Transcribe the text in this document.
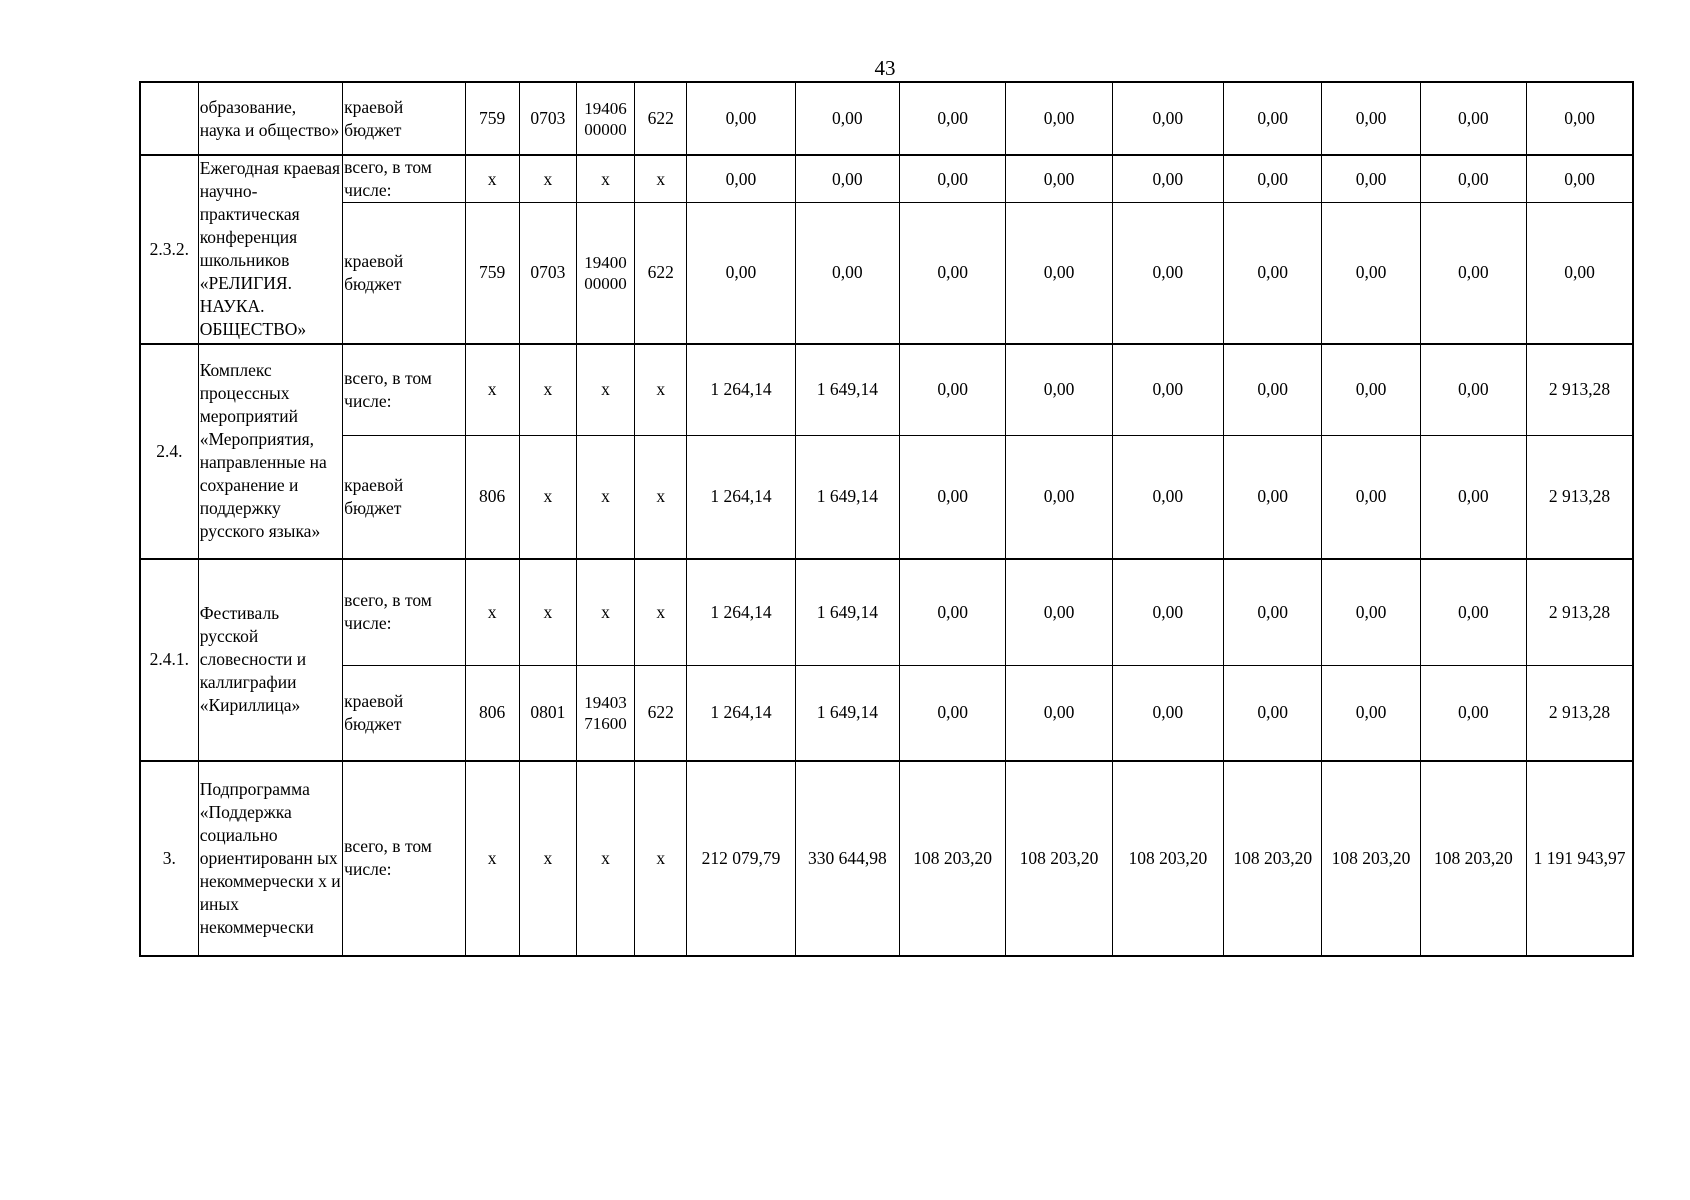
43
	образование, наука и общество»	краевой бюджет	759	0703	19406 00000	622	0,00	0,00	0,00	0,00	0,00	0,00	0,00	0,00	0,00
2.3.2.	Ежегодная краевая научно-практическая конференция школьников «РЕЛИГИЯ. НАУКА. ОБЩЕСТВО»	всего, в том числе:	x	x	x	x	0,00	0,00	0,00	0,00	0,00	0,00	0,00	0,00	0,00
		краевой бюджет	759	0703	19400 00000	622	0,00	0,00	0,00	0,00	0,00	0,00	0,00	0,00	0,00
2.4.	Комплекс процессных мероприятий «Мероприятия, направленные на сохранение и поддержку русского языка»	всего, в том числе:	x	x	x	x	1 264,14	1 649,14	0,00	0,00	0,00	0,00	0,00	0,00	2 913,28
		краевой бюджет	806	x	x	x	1 264,14	1 649,14	0,00	0,00	0,00	0,00	0,00	0,00	2 913,28
2.4.1.	Фестиваль русской словесности и каллиграфии «Кириллица»	всего, в том числе:	x	x	x	x	1 264,14	1 649,14	0,00	0,00	0,00	0,00	0,00	0,00	2 913,28
		краевой бюджет	806	0801	19403 71600	622	1 264,14	1 649,14	0,00	0,00	0,00	0,00	0,00	0,00	2 913,28
3.	Подпрограмма «Поддержка социально ориентированн ых некоммерчески х и иных некоммерчески	всего, в том числе:	x	x	x	x	212 079,79	330 644,98	108 203,20	108 203,20	108 203,20	108 203,20	108 203,20	108 203,20	1 191 943,97
